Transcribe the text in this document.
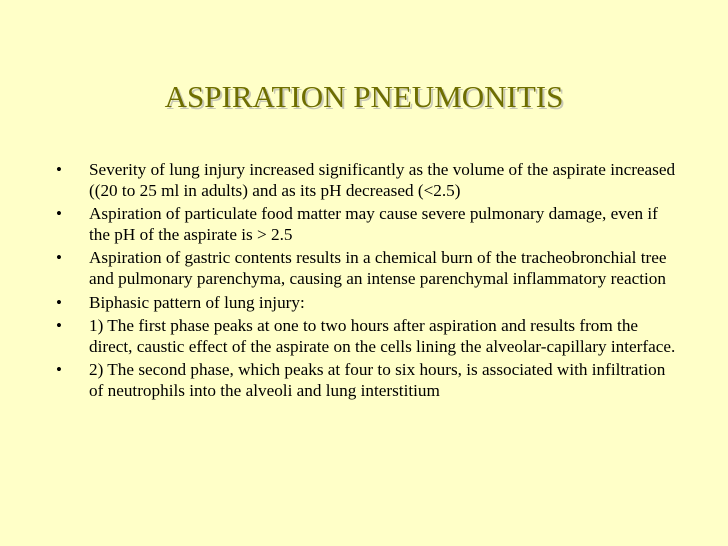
ASPIRATION PNEUMONITIS
•	Severity of lung injury increased significantly as the volume of the aspirate increased ((20 to 25 ml in adults) and as its pH decreased (<2.5)
•	Aspiration of particulate food matter may cause severe pulmonary damage, even if the pH of the aspirate is > 2.5
•	Aspiration of gastric contents results in a chemical burn of the tracheobronchial tree and pulmonary parenchyma, causing an intense parenchymal inflammatory reaction
•	Biphasic pattern of lung injury:
•	1) The first phase peaks at one to two hours after aspiration and results from the direct, caustic effect of the aspirate on the cells lining the alveolar-capillary interface.
•	2) The second phase, which peaks at four to six hours, is associated with infiltration of neutrophils into the alveoli and lung interstitium
